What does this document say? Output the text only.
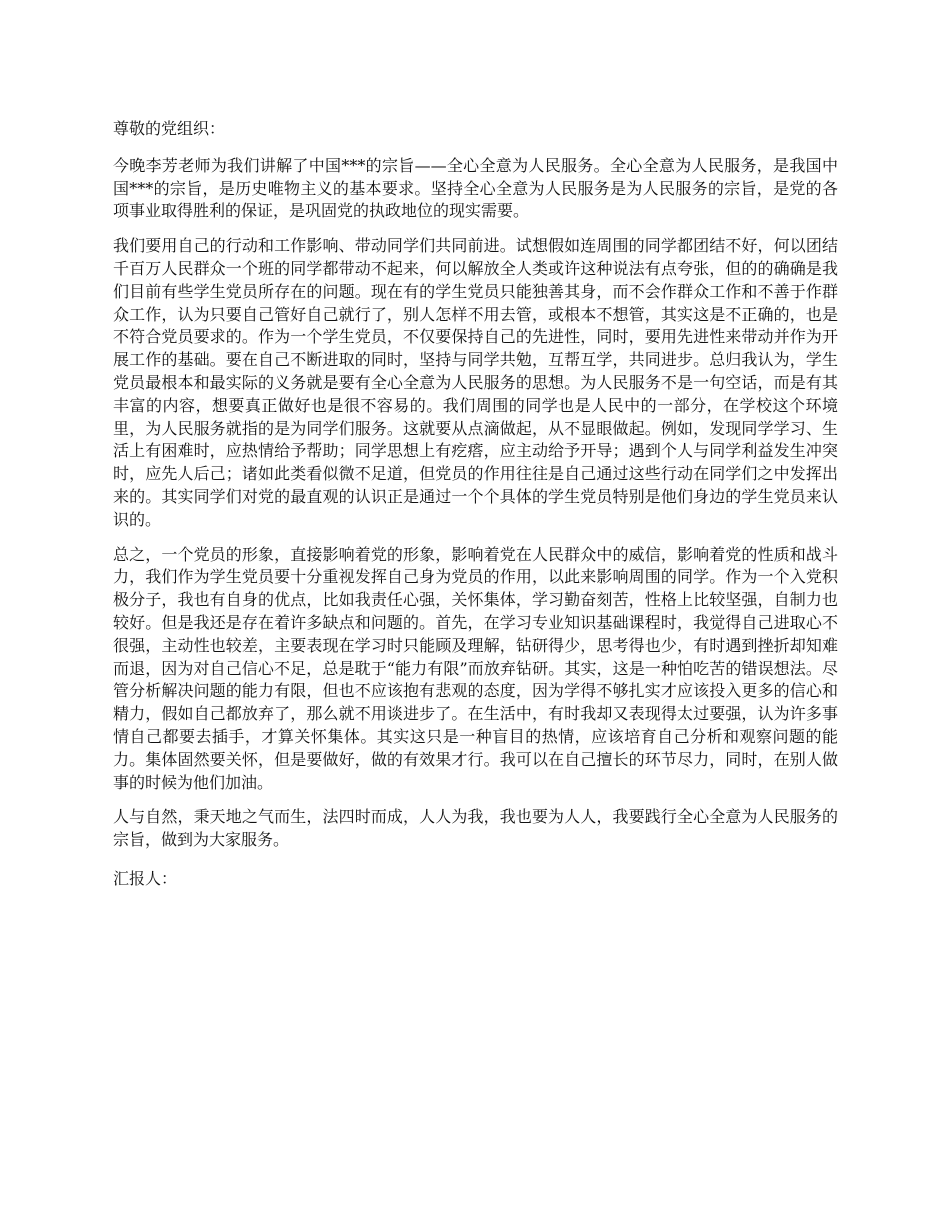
尊敬的党组织：

今晚李芳老师为我们讲解了中国***的宗旨——全心全意为人民服务。全心全意为人民服务，是我国中国***的宗旨，是历史唯物主义的基本要求。坚持全心全意为人民服务是为人民服务的宗旨，是党的各项事业取得胜利的保证，是巩固党的执政地位的现实需要。

我们要用自己的行动和工作影响、带动同学们共同前进。试想假如连周围的同学都团结不好，何以团结千百万人民群众一个班的同学都带动不起来，何以解放全人类或许这种说法有点夸张，但的的确确是我们目前有些学生党员所存在的问题。现在有的学生党员只能独善其身，而不会作群众工作和不善于作群众工作，认为只要自己管好自己就行了，别人怎样不用去管，或根本不想管，其实这是不正确的，也是不符合党员要求的。作为一个学生党员，不仅要保持自己的先进性，同时，要用先进性来带动并作为开展工作的基础。要在自己不断进取的同时，坚持与同学共勉，互帮互学，共同进步。总归我认为，学生党员最根本和最实际的义务就是要有全心全意为人民服务的思想。为人民服务不是一句空话，而是有其丰富的内容，想要真正做好也是很不容易的。我们周围的同学也是人民中的一部分，在学校这个环境里，为人民服务就指的是为同学们服务。这就要从点滴做起，从不显眼做起。例如，发现同学学习、生活上有困难时，应热情给予帮助；同学思想上有疙瘩，应主动给予开导；遇到个人与同学利益发生冲突时，应先人后己；诸如此类看似微不足道，但党员的作用往往是自己通过这些行动在同学们之中发挥出来的。其实同学们对党的最直观的认识正是通过一个个具体的学生党员特别是他们身边的学生党员来认识的。

总之，一个党员的形象，直接影响着党的形象，影响着党在人民群众中的威信，影响着党的性质和战斗力，我们作为学生党员要十分重视发挥自己身为党员的作用，以此来影响周围的同学。作为一个入党积极分子，我也有自身的优点，比如我责任心强，关怀集体，学习勤奋刻苦，性格上比较坚强，自制力也较好。但是我还是存在着许多缺点和问题的。首先，在学习专业知识基础课程时，我觉得自己进取心不很强，主动性也较差，主要表现在学习时只能顾及理解，钻研得少，思考得也少，有时遇到挫折却知难而退，因为对自己信心不足，总是耽于“能力有限”而放弃钻研。其实，这是一种怕吃苦的错误想法。尽管分析解决问题的能力有限，但也不应该抱有悲观的态度，因为学得不够扎实才应该投入更多的信心和精力，假如自己都放弃了，那么就不用谈进步了。在生活中，有时我却又表现得太过要强，认为许多事情自己都要去插手，才算关怀集体。其实这只是一种盲目的热情，应该培育自己分析和观察问题的能力。集体固然要关怀，但是要做好，做的有效果才行。我可以在自己擅长的环节尽力，同时，在别人做事的时候为他们加油。

人与自然，秉天地之气而生，法四时而成，人人为我，我也要为人人，我要践行全心全意为人民服务的宗旨，做到为大家服务。

汇报人：
